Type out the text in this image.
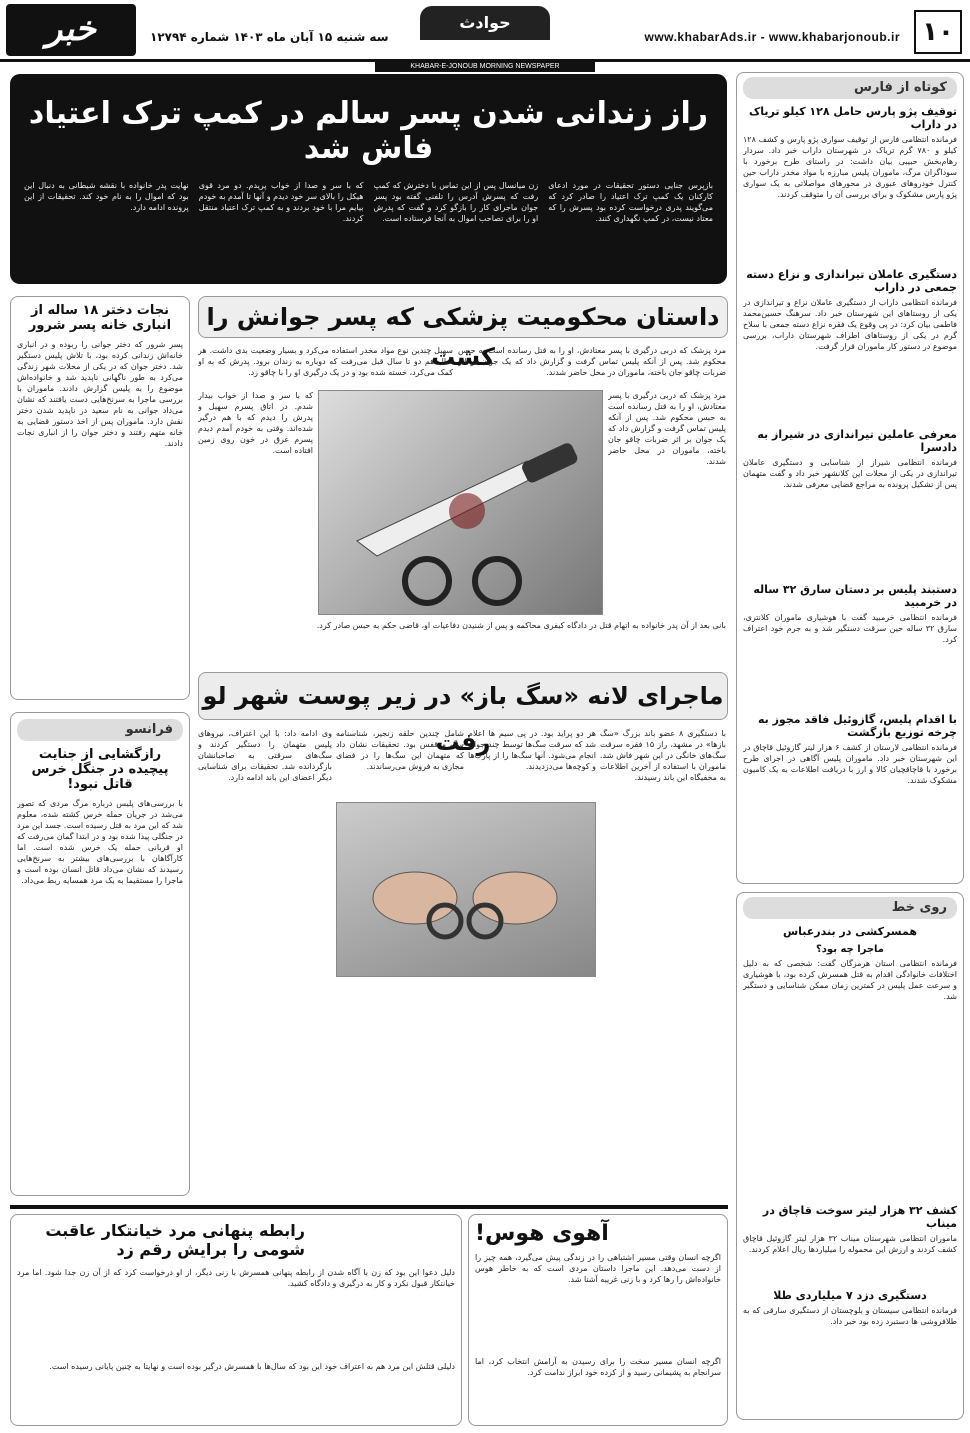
۱۰
www.khabarAds.ir - www.khabarjonoub.ir
حوادث
سه شنبه ۱۵ آبان ماه ۱۴۰۳ شماره ۱۲۷۹۴
خبر
KHABAR-E-JONOUB MORNING NEWSPAPER
کوتاه از فارس
توقیف پژو پارس حامل ۱۲۸ کیلو تریاک در داراب
فرمانده انتظامی فارس از توقیف سواری پژو پارس و کشف ۱۲۸ کیلو و ۷۸۰ گرم تریاک در شهرستان داراب خبر داد. سردار رهام‌بخش حبیبی بیان داشت: در راستای طرح برخورد با سوداگران مرگ، ماموران پلیس مبارزه با مواد مخدر داراب حین کنترل خودروهای عبوری در محورهای مواصلاتی به یک سواری پژو پارس مشکوک و برای بررسی آن را متوقف کردند.
دستگیری عاملان تیراندازی و نزاع دسته جمعی در داراب
فرمانده انتظامی داراب از دستگیری عاملان نزاع و تیراندازی در یکی از روستاهای این شهرستان خبر داد. سرهنگ حسین‌محمد فاطمی بیان کرد: در پی وقوع یک فقره نزاع دسته جمعی با سلاح گرم در یکی از روستاهای اطراف شهرستان داراب، بررسی موضوع در دستور کار ماموران قرار گرفت.
معرفی عاملین تیراندازی در شیراز به دادسرا
فرمانده انتظامی شیراز از شناسایی و دستگیری عاملان تیراندازی در یکی از محلات این کلانشهر خبر داد و گفت متهمان پس از تشکیل پرونده به مراجع قضایی معرفی شدند.
دستبند پلیس بر دستان سارق ۳۲ ساله در خرمبید
فرمانده انتظامی خرمبید گفت با هوشیاری ماموران کلانتری، سارق ۳۲ ساله حین سرقت دستگیر شد و به جرم خود اعتراف کرد.
با اقدام پلیس، گازوئیل فاقد مجوز به چرخه توزیع بازگشت
فرمانده انتظامی لارستان از کشف ۶ هزار لیتر گازوئیل قاچاق در این شهرستان خبر داد. ماموران پلیس آگاهی در اجرای طرح برخورد با قاچاقچیان کالا و ارز با دریافت اطلاعات به یک کامیون مشکوک شدند.
روی خط
همسرکشی در بندرعباس
ماجرا چه بود؟
فرمانده انتظامی استان هرمزگان گفت: شخصی که به دلیل اختلافات خانوادگی اقدام به قتل همسرش کرده بود، با هوشیاری و سرعت عمل پلیس در کمترین زمان ممکن شناسایی و دستگیر شد.
کشف ۳۲ هزار لیتر سوخت قاچاق در میناب
ماموران انتظامی شهرستان میناب ۳۲ هزار لیتر گازوئیل قاچاق کشف کردند و ارزش این محموله را میلیاردها ریال اعلام کردند.
دستگیری دزد ۷ میلیاردی طلا
فرمانده انتظامی سیستان و بلوچستان از دستگیری سارقی که به طلافروشی ها دستبرد زده بود خبر داد.
راز زندانی شدن پسر سالم در کمپ ترک اعتیاد فاش شد
بازپرس جنایی دستور تحقیقات در مورد ادعای کارکنان یک کمپ ترک اعتیاد را صادر کرد که می‌گویند پدری درخواست کرده بود پسرش را که معتاد نیست، در کمپ نگهداری کنند.
زن میانسال پس از این تماس با دخترش که کمپ رفت که پسرش آدرس را تلفنی گفته بود پسر جوان ماجرای کار را بازگو کرد و گفت که پدرش او را برای تصاحب اموال به آنجا فرستاده است.
که با سر و صدا از خواب پریدم. دو مرد قوی هیکل را بالای سر خود دیدم و آنها تا آمدم به خودم بیایم مرا با خود بردند و به کمپ ترک اعتیاد منتقل کردند.
نهایت پدر خانواده با نقشه شیطانی به دنبال این بود که اموال را به نام خود کند. تحقیقات از این پرونده ادامه دارد.
نجات دختر ۱۸ ساله از انباری خانه پسر شرور
پسر شرور که دختر جوانی را ربوده و در انباری خانه‌اش زندانی کرده بود، با تلاش پلیس دستگیر شد. دختر جوان که در یکی از محلات شهر زندگی می‌کرد به طور ناگهانی ناپدید شد و خانواده‌اش موضوع را به پلیس گزارش دادند. ماموران با بررسی ماجرا به سرنخ‌هایی دست یافتند که نشان می‌داد جوانی به نام سعید در ناپدید شدن دختر نقش دارد. ماموران پس از اخذ دستور قضایی به خانه متهم رفتند و دختر جوان را از انباری نجات دادند.
فرانسو
رازگشایی از جنایت پیچیده در جنگل خرس قاتل نبود!
با بررسی‌های پلیس درباره مرگ مردی که تصور می‌شد در جریان حمله خرس کشته شده، معلوم شد که این مرد به قتل رسیده است. جسد این مرد در جنگلی پیدا شده بود و در ابتدا گمان می‌رفت که او قربانی حمله یک خرس شده است. اما کارآگاهان با بررسی‌های بیشتر به سرنخ‌هایی رسیدند که نشان می‌داد قاتل انسان بوده است و ماجرا را مستقیما به یک مرد همسایه ربط می‌داد.
داستان محکومیت پزشکی که پسر جوانش را کشت
مرد پزشک که دربی درگیری با پسر معتادش، او را به قتل رسانده است به حبس محکوم شد. پس از آنکه پلیس تماس گرفت و گزارش داد که یک جوان بر اثر ضربات چاقو جان باخته، ماموران در محل حاضر شدند.
سهیل چندین نوع مواد مخدر استفاده می‌کرد و بسیار وضعیت بدی داشت. هر سال هم دو تا سال قبل می‌رفت که دوباره به زندان برود. پدرش که به او کمک می‌کرد، خسته شده بود و در یک درگیری او را با چاقو زد.
مرد پزشک که دربی درگیری با پسر معتادش، او را به قتل رسانده است به حبس محکوم شد. پس از آنکه پلیس تماس گرفت و گزارش داد که یک جوان بر اثر ضربات چاقو جان باخته، ماموران در محل حاضر شدند.
که با سر و صدا از خواب بیدار شدم. در اتاق پسرم سهیل و پدرش را دیدم که با هم درگیر شده‌اند. وقتی به خودم آمدم دیدم پسرم غرق در خون روی زمین افتاده است.
بانی بعد از آن پدر خانواده به اتهام قتل در دادگاه کیفری محاکمه و پس از شنیدن دفاعیات او، قاضی حکم به حبس صادر کرد.
ماجرای لانه «سگ باز» در زیر پوست شهر لو رفت	با دستگیری ۸ عضو باند بزرگ «سگ بازها» در مشهد، راز ۱۵ فقره سرقت سگ‌های خانگی در این شهر فاش شد. ماموران با استفاده از آخرین اطلاعات به مخفیگاه این باند رسیدند.
هر دو پراید بود. در پی سیم ها اعلام شد که سرقت سگ‌ها توسط چند جوان انجام می‌شود. آنها سگ‌ها را از پارک‌ها و کوچه‌ها می‌دزدیدند.
شامل چندین حلقه زنجیر، شناسنامه سگ و قفس بود. تحقیقات نشان داد که متهمان این سگ‌ها را در فضای مجازی به فروش می‌رساندند.
وی ادامه داد: با این اعتراف، نیروهای پلیس متهمان را دستگیر کردند و سگ‌های سرقتی به صاحبانشان بازگردانده شد. تحقیقات برای شناسایی دیگر اعضای این باند ادامه دارد.
آهوی هوس!
اگرچه انسان وقتی مسیر اشتباهی را در زندگی پیش می‌گیرد، همه چیز را از دست می‌دهد. این ماجرا داستان مردی است که به خاطر هوس خانواده‌اش را رها کرد و با زنی غریبه آشنا شد.
اگرچه انسان مسیر سخت را برای رسیدن به آرامش انتخاب کرد، اما سرانجام به پشیمانی رسید و از کرده خود ابراز ندامت کرد.
رابطه پنهانی مرد خیانتکار عاقبت شومی را برایش رقم زد
دلیل دعوا این بود که زن با آگاه شدن از رابطه پنهانی همسرش با زنی دیگر، از او درخواست کرد که از آن زن جدا شود. اما مرد خیانتکار قبول نکرد و کار به درگیری و دادگاه کشید.
دلیلی قتلش این مرد هم به اعتراف خود این بود که سال‌ها با همسرش درگیر بوده است و نهایتا به چنین پایانی رسیده است.
